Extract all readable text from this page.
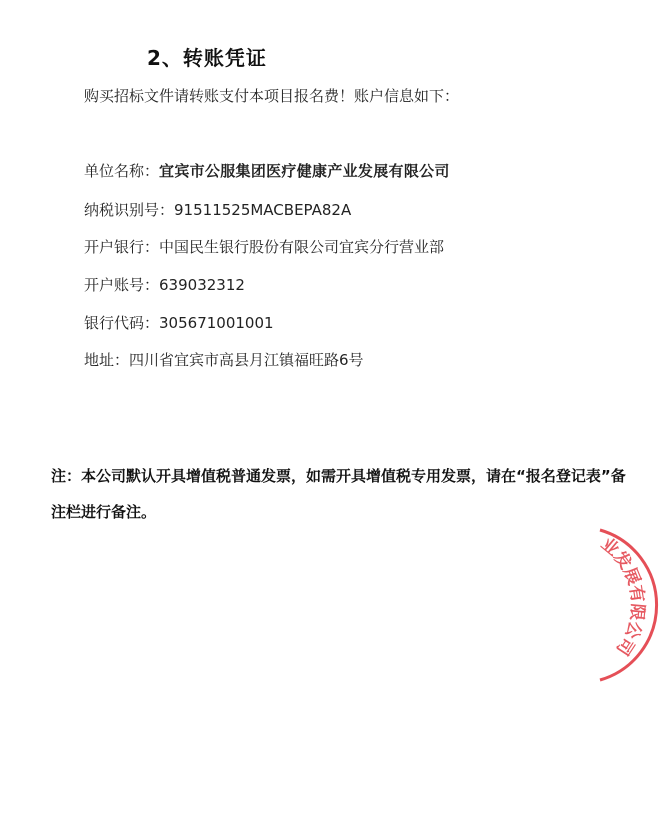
2、转账凭证
购买招标文件请转账支付本项目报名费！账户信息如下：
单位名称：宜宾市公服集团医疗健康产业发展有限公司
纳税识别号：91511525MACBEPA82A
开户银行：中国民生银行股份有限公司宜宾分行营业部
开户账号：639032312
银行代码：305671001001
地址：四川省宜宾市高县月江镇福旺路6号
注：本公司默认开具增值税普通发票，如需开具增值税专用发票，请在“报名登记表”备注栏进行备注。
业发展有限公司
